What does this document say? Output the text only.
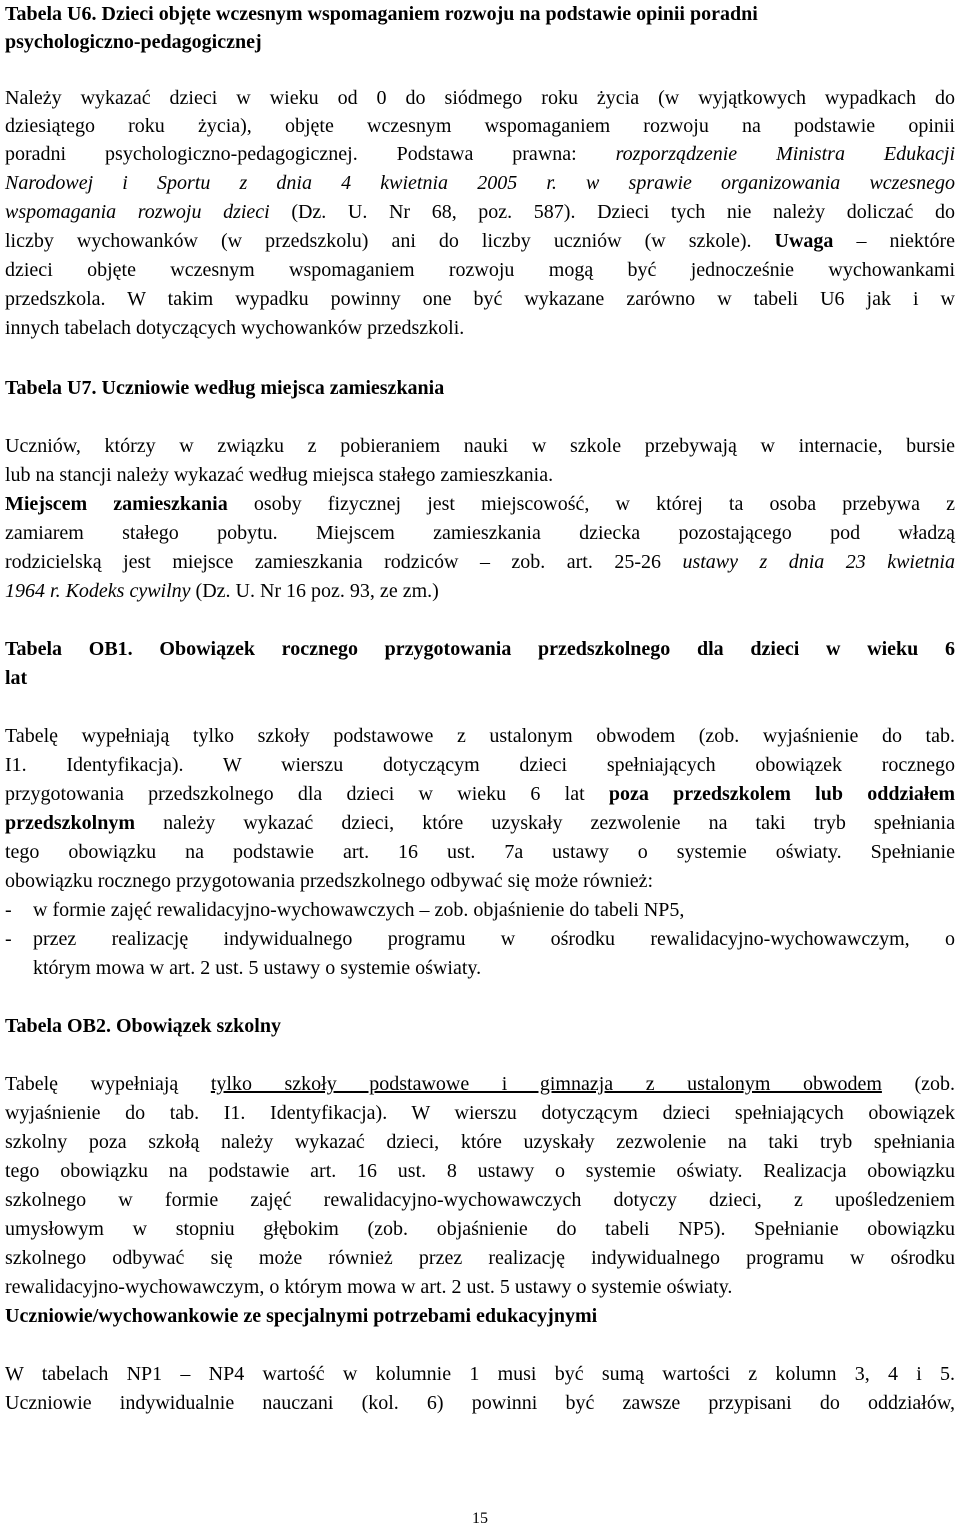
Tabela U6. Dzieci objęte wczesnym wspomaganiem rozwoju na podstawie opinii poradni
psychologiczno-pedagogicznej
Należy wykazać dzieci w wieku od 0 do siódmego roku życia (w wyjątkowych wypadkach do
dziesiątego roku życia), objęte wczesnym wspomaganiem rozwoju na podstawie opinii
poradni psychologiczno-pedagogicznej. Podstawa prawna: rozporządzenie Ministra Edukacji
Narodowej i Sportu z dnia 4 kwietnia 2005 r. w sprawie organizowania wczesnego
wspomagania rozwoju dzieci (Dz. U. Nr 68, poz. 587). Dzieci tych nie należy doliczać do
liczby wychowanków (w przedszkolu) ani do liczby uczniów (w szkole). Uwaga – niektóre
dzieci objęte wczesnym wspomaganiem rozwoju mogą być jednocześnie wychowankami
przedszkola. W takim wypadku powinny one być wykazane zarówno w tabeli U6 jak i w
innych tabelach dotyczących wychowanków przedszkoli.
Tabela U7. Uczniowie według miejsca zamieszkania
Uczniów, którzy w związku z pobieraniem nauki w szkole przebywają w internacie, bursie
lub na stancji należy wykazać według miejsca stałego zamieszkania.
Miejscem zamieszkania osoby fizycznej jest miejscowość, w której ta osoba przebywa z
zamiarem stałego pobytu. Miejscem zamieszkania dziecka pozostającego pod władzą
rodzicielską jest miejsce zamieszkania rodziców – zob. art. 25-26 ustawy z dnia 23 kwietnia
1964 r. Kodeks cywilny (Dz. U. Nr 16 poz. 93, ze zm.)
Tabela OB1. Obowiązek rocznego przygotowania przedszkolnego dla dzieci w wieku 6
lat
Tabelę wypełniają tylko szkoły podstawowe z ustalonym obwodem (zob. wyjaśnienie do tab.
I1. Identyfikacja). W wierszu dotyczącym dzieci spełniających obowiązek rocznego
przygotowania przedszkolnego dla dzieci w wieku 6 lat poza przedszkolem lub oddziałem
przedszkolnym należy wykazać dzieci, które uzyskały zezwolenie na taki tryb spełniania
tego obowiązku na podstawie art. 16 ust. 7a ustawy o systemie oświaty. Spełnianie
obowiązku rocznego przygotowania przedszkolnego odbywać się może również:
-	w formie zajęć rewalidacyjno-wychowawczych – zob. objaśnienie do tabeli NP5,
-	przez realizację indywidualnego programu w ośrodku rewalidacyjno-wychowawczym, o
którym mowa w art. 2 ust. 5 ustawy o systemie oświaty.
Tabela OB2. Obowiązek szkolny
Tabelę wypełniają tylko szkoły podstawowe i gimnazja z ustalonym obwodem (zob.
wyjaśnienie do tab. I1. Identyfikacja). W wierszu dotyczącym dzieci spełniających obowiązek
szkolny poza szkołą należy wykazać dzieci, które uzyskały zezwolenie na taki tryb spełniania
tego obowiązku na podstawie art. 16 ust. 8 ustawy o systemie oświaty. Realizacja obowiązku
szkolnego w formie zajęć rewalidacyjno-wychowawczych dotyczy dzieci, z upośledzeniem
umysłowym w stopniu głębokim (zob. objaśnienie do tabeli NP5). Spełnianie obowiązku
szkolnego odbywać się może również przez realizację indywidualnego programu w ośrodku
rewalidacyjno-wychowawczym, o którym mowa w art. 2 ust. 5 ustawy o systemie oświaty.
Uczniowie/wychowankowie ze specjalnymi potrzebami edukacyjnymi
W tabelach NP1 – NP4 wartość w kolumnie 1 musi być sumą wartości z kolumn 3, 4 i 5.
Uczniowie indywidualnie nauczani (kol. 6) powinni być zawsze przypisani do oddziałów,
15
